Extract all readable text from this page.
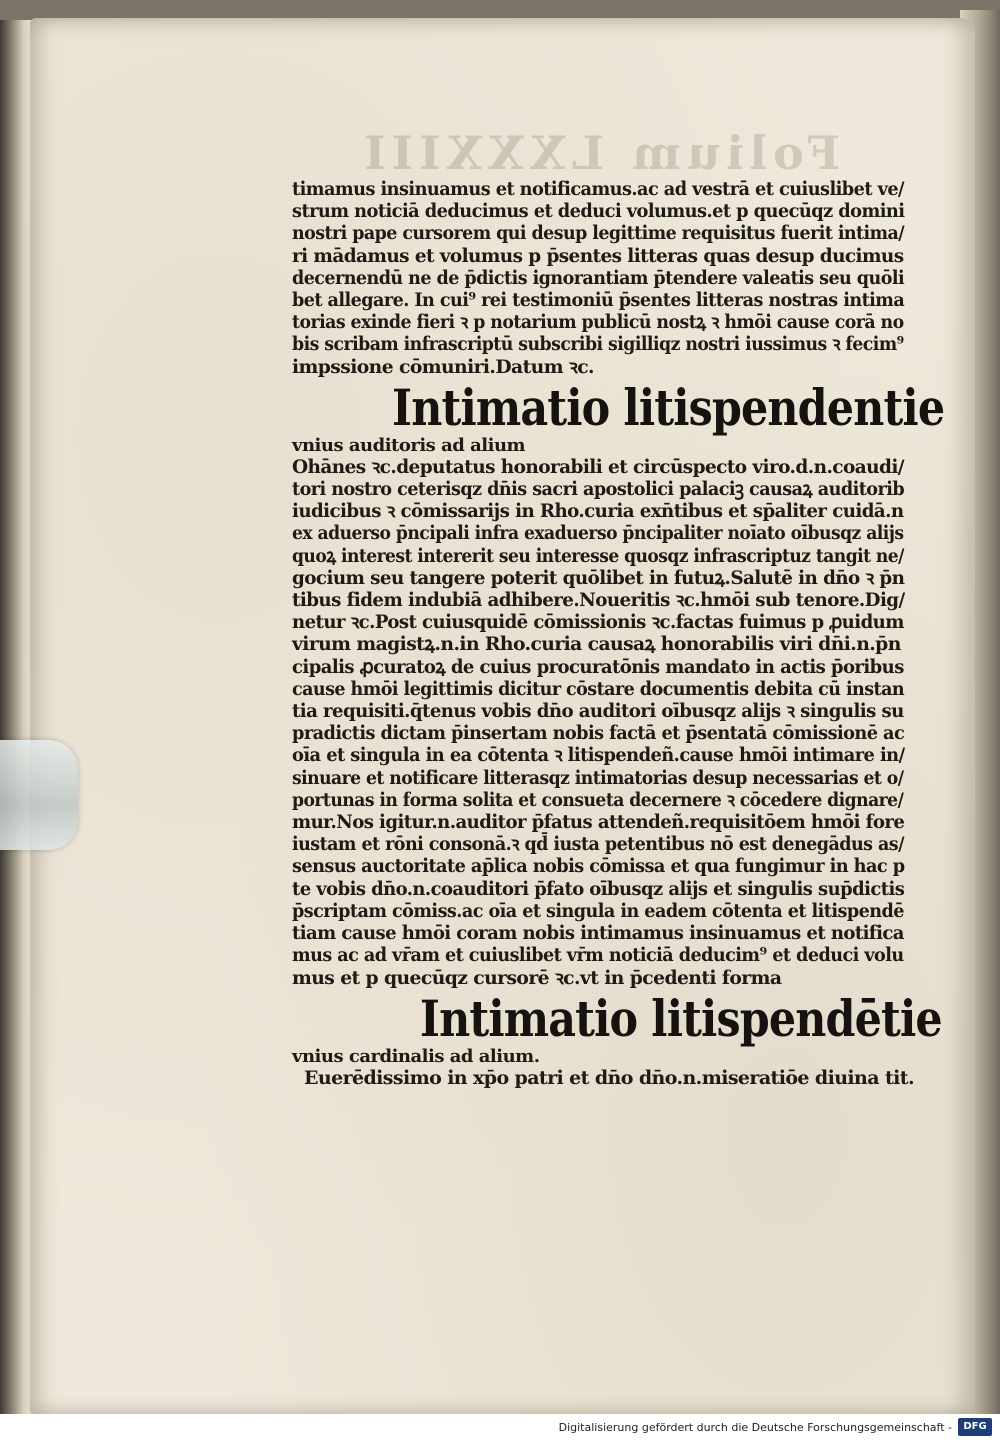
Folium LXXXIII
timamus insinuamus et notificamus.ac ad vestrā et cuiuslibet ve/
strum noticiā deducimus et deduci volumus.et p quecūqz domini
nostri pape cursorem qui desup legittime requisitus fuerit intima/
ri mādamus et volumus p p̄sentes litteras quas desup ducimus
decernendū ne de p̄dictis ignorantiam p̄tendere valeatis seu quōli
bet allegare. In cui⁹ rei testimoniū p̄sentes litteras nostras intima
torias exinde fieri ꝛ p notarium publicū nostꝝ ꝛ hmōi cause corā no
bis scribam infrascriptū subscribi sigilliqz nostri iussimus ꝛ fecim⁹
impssione cōmuniri.Datum ꝛc.
Intimatio litispendentie
vnius auditoris ad alium
Ohānes ꝛc.deputatus honorabili et circūspecto viro.d.n.coaudi/
tori nostro ceterisqz dn̄is sacri apostolici palaciꝫ causaꝝ auditorib
iudicibus ꝛ cōmissarijs in Rho.curia exn̄tibus et sp̄aliter cuidā.n
ex aduerso p̄ncipali infra exaduerso p̄ncipaliter noīato oībusqz alijs
quoꝝ interest intererit seu interesse quosqz infrascriptuz tangit ne/
gocium seu tangere poterit quōlibet in futuꝝ.Salutē in dn̄o ꝛ p̄n
tibus fidem indubiā adhibere.Noueritis ꝛc.hmōi sub tenore.Dig/
netur ꝛc.Post cuiusquidē cōmissionis ꝛc.factas fuimus p ꝓuidum
virum magistꝝ.n.in Rho.curia causaꝝ honorabilis viri dn̄i.n.p̄n
cipalis ꝓcuratoꝝ de cuius procuratōnis mandato in actis p̄oribus
cause hmōi legittimis dicitur cōstare documentis debita cū instan
tia requisiti.q̄tenus vobis dn̄o auditori oībusqz alijs ꝛ singulis su
pradictis dictam p̄insertam nobis factā et p̄sentatā cōmissionē ac
oīa et singula in ea cōtenta ꝛ litispendeñ.cause hmōi intimare in/
sinuare et notificare litterasqz intimatorias desup necessarias et o/
portunas in forma solita et consueta decernere ꝛ cōcedere dignare/
mur.Nos igitur.n.auditor p̄fatus attendeñ.requisitōem hmōi fore
iustam et rōni consonā.ꝛ qd̄ iusta petentibus nō est denegādus as/
sensus auctoritate ap̄lica nobis cōmissa et qua fungimur in hac p
te vobis dn̄o.n.coauditori p̄fato oībusqz alijs et singulis sup̄dictis
p̄scriptam cōmiss.ac oīa et singula in eadem cōtenta et litispendē
tiam cause hmōi coram nobis intimamus insinuamus et notifica
mus ac ad vr̄am et cuiuslibet vr̄m noticiā deducim⁹ et deduci volu
mus et p quecūqz cursorē ꝛc.vt in p̄cedenti forma
Intimatio litispendētie
vnius cardinalis ad alium.
Euerēdissimo in xp̄o patri et dn̄o dn̄o.n.miseratiōe diuina tit.
Digitalisierung gefördert durch die Deutsche Forschungsgemeinschaft -	DFG
